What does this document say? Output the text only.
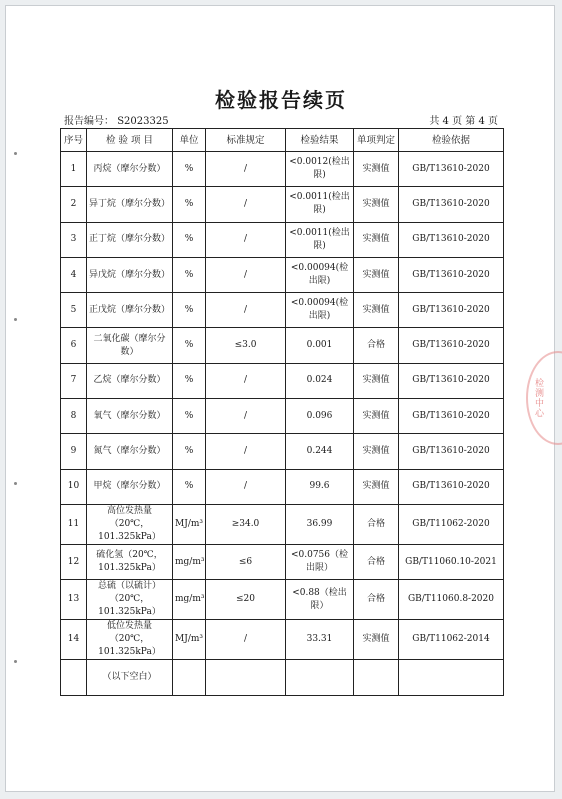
检验报告续页
报告编号： S2023325	共 4 页 第 4 页
序号	检 验 项 目	单位	标准规定	检验结果	单项判定	检验依据
1	丙烷（摩尔分数）	%	/	<0.0012(检出限)	实测值	GB/T13610-2020
2	异丁烷（摩尔分数）	%	/	<0.0011(检出限)	实测值	GB/T13610-2020
3	正丁烷（摩尔分数）	%	/	<0.0011(检出限)	实测值	GB/T13610-2020
4	异戊烷（摩尔分数）	%	/	<0.00094(检出限)	实测值	GB/T13610-2020
5	正戊烷（摩尔分数）	%	/	<0.00094(检出限)	实测值	GB/T13610-2020
6	二氧化碳（摩尔分数）	%	≤3.0	0.001	合格	GB/T13610-2020
7	乙烷（摩尔分数）	%	/	0.024	实测值	GB/T13610-2020
8	氧气（摩尔分数）	%	/	0.096	实测值	GB/T13610-2020
9	氮气（摩尔分数）	%	/	0.244	实测值	GB/T13610-2020
10	甲烷（摩尔分数）	%	/	99.6	实测值	GB/T13610-2020
11	高位发热量（20℃，101.325kPa）	MJ/m³	≥34.0	36.99	合格	GB/T11062-2020
12	硫化氢（20℃，101.325kPa）	mg/m³	≤6	<0.0756（检出限）	合格	GB/T11060.10-2021
13	总硫（以硫计）（20℃，101.325kPa）	mg/m³	≤20	<0.88（检出限）	合格	GB/T11060.8-2020
14	低位发热量（20℃，101.325kPa）	MJ/m³	/	33.31	实测值	GB/T11062-2014
	（以下空白）					
检测中心
